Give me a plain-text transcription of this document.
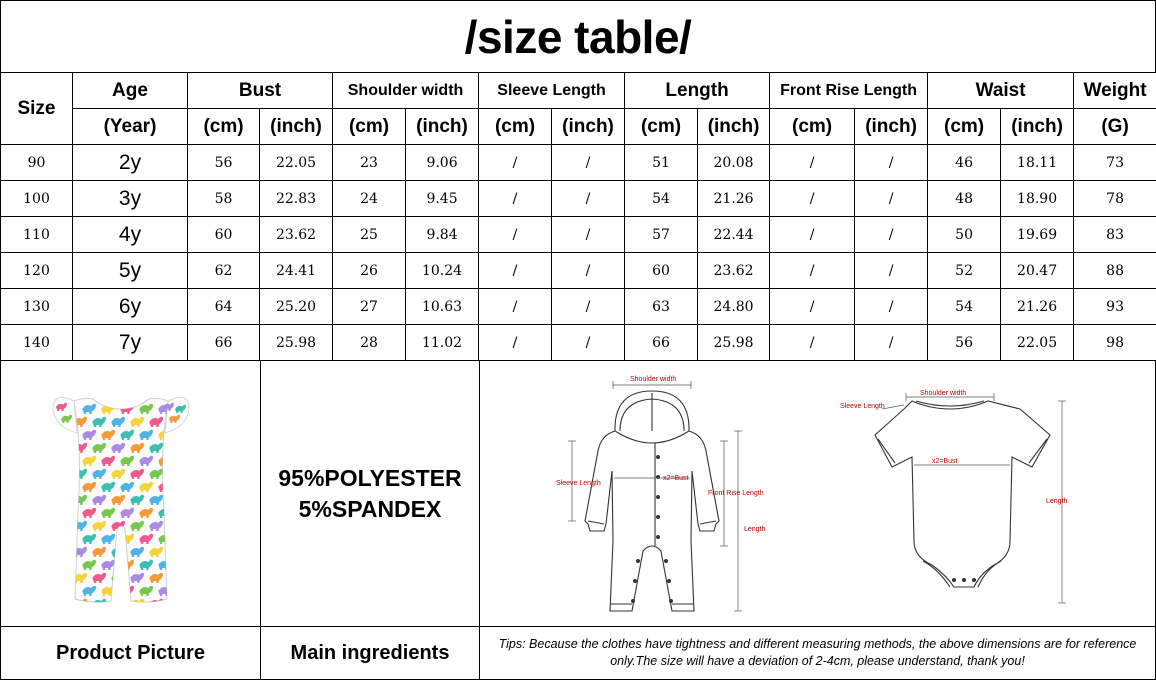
/size table/
Size	Age	Bust		Shoulder width		Sleeve Length		Length		Front Rise Length		Waist		Weight
	(Year)	(cm)	(inch)	(cm)	(inch)	(cm)	(inch)	(cm)	(inch)	(cm)	(inch)	(cm)	(inch)	(G)
90	2y	56	22.05	23	9.06	/	/	51	20.08	/	/	46	18.11	73
100	3y	58	22.83	24	9.45	/	/	54	21.26	/	/	48	18.90	78
110	4y	60	23.62	25	9.84	/	/	57	22.44	/	/	50	19.69	83
120	5y	62	24.41	26	10.24	/	/	60	23.62	/	/	52	20.47	88
130	6y	64	25.20	27	10.63	/	/	63	24.80	/	/	54	21.26	93
140	7y	66	25.98	28	11.02	/	/	66	25.98	/	/	56	22.05	98
Product Picture
95%POLYESTER
5%SPANDEX
Main ingredients
Shoulder width
Sleeve Length
x2=Bust
Front Rise Length
Length
Shoulder width
Sleeve Length
x2=Bust
Length
Tips: Because the clothes have tightness and different measuring methods, the above dimensions are for reference only.The size will have a deviation of 2-4cm, please understand, thank you!
